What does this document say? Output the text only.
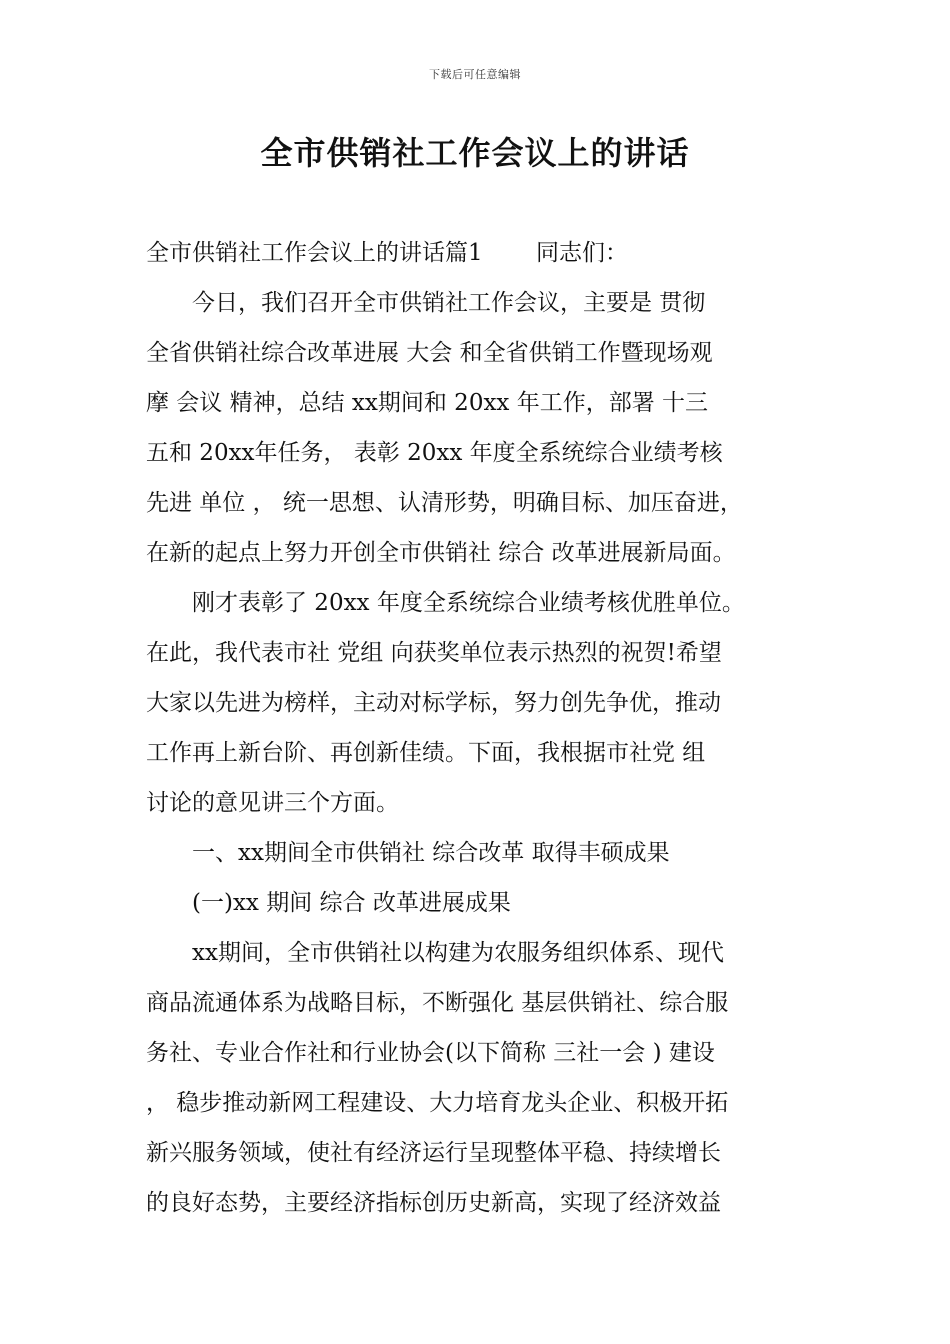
下载后可任意编辑
全市供销社工作会议上的讲话
全市供销社工作会议上的讲话篇1　　 同志们：
　　今日，我们召开全市供销社工作会议，主要是 贯彻
全省供销社综合改革进展 大会 和全省供销工作暨现场观
摩 会议 精神，总结 xx期间和 20xx 年工作，部署 十三
五和 20xx年任务， 表彰 20xx 年度全系统综合业绩考核
先进 单位 ， 统一思想、认清形势，明确目标、加压奋进，
在新的起点上努力开创全市供销社 综合 改革进展新局面。
　　刚才表彰了 20xx 年度全系统综合业绩考核优胜单位。
在此，我代表市社 党组 向获奖单位表示热烈的祝贺!希望
大家以先进为榜样，主动对标学标，努力创先争优，推动
工作再上新台阶、再创新佳绩。下面，我根据市社党 组
讨论的意见讲三个方面。
　　一、xx期间全市供销社 综合改革 取得丰硕成果
　　(一)xx 期间 综合 改革进展成果
　　xx期间，全市供销社以构建为农服务组织体系、现代
商品流通体系为战略目标，不断强化 基层供销社、综合服
务社、专业合作社和行业协会(以下简称 三社一会 ) 建设
， 稳步推动新网工程建设、大力培育龙头企业、积极开拓
新兴服务领域，使社有经济运行呈现整体平稳、持续增长
的良好态势，主要经济指标创历史新高，实现了经济效益
